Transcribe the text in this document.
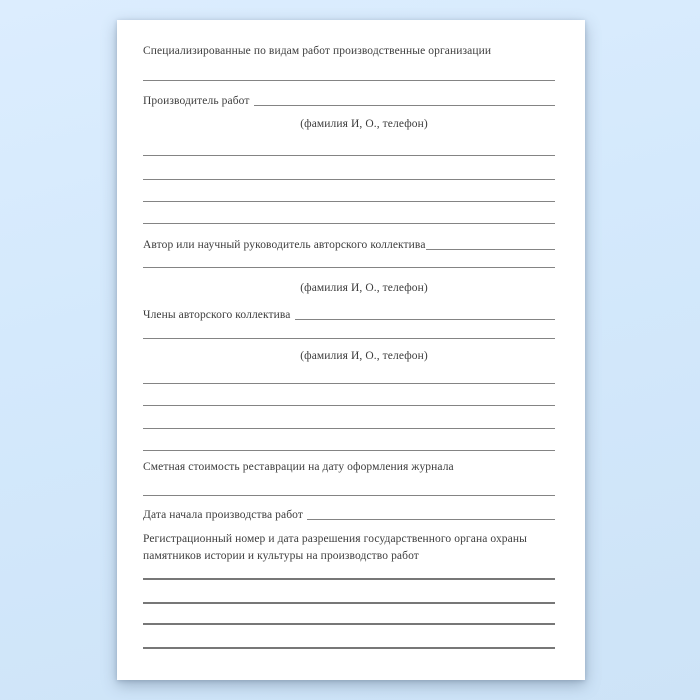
Специализированные по видам работ производственные организации
Производитель работ
(фамилия И, О., телефон)
Автор или научный руководитель авторского коллектива
(фамилия И, О., телефон)
Члены авторского коллектива
(фамилия И, О., телефон)
Сметная стоимость реставрации на дату оформления журнала
Дата начала производства работ
Регистрационный номер и дата разрешения государственного органа охраны памятников истории и культуры на производство работ
